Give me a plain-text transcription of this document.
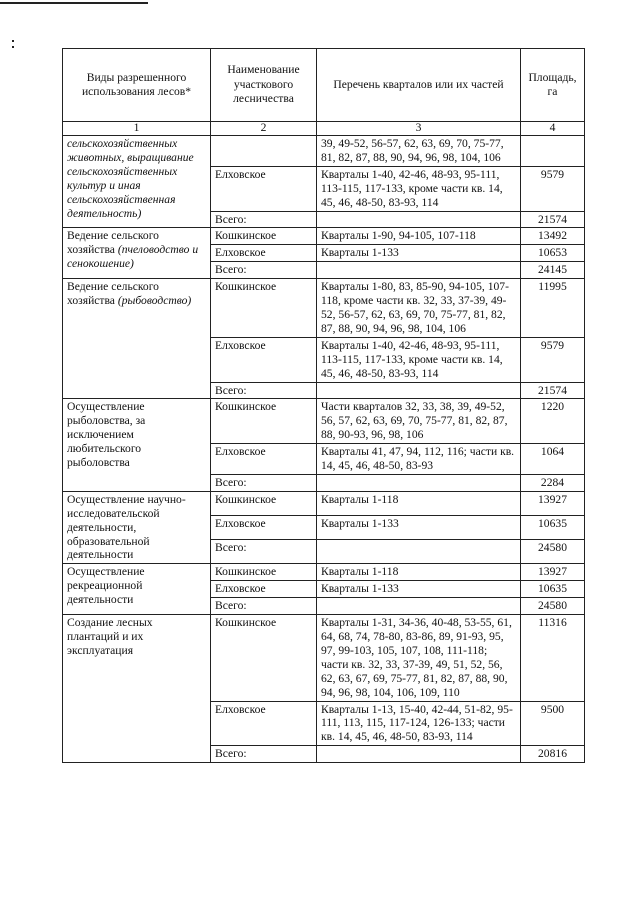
Виды разрешенного использования лесов*	Наименование участкового лесничества	Перечень кварталов или их частей	Площадь, га
1	2	3	4
сельскохозяйственных животных, выращивание сельскохозяйственных культур и иная сельскохозяйственная деятельность)		39, 49-52, 56-57, 62, 63, 69, 70, 75-77, 81, 82, 87, 88, 90, 94, 96, 98, 104, 106	
	Елховское	Кварталы 1-40, 42-46, 48-93, 95-111, 113-115, 117-133, кроме части кв. 14, 45, 46, 48-50, 83-93, 114	9579
	Всего:		21574
Ведение сельского хозяйства (пчеловодство и сенокошение)	Кошкинское	Кварталы 1-90, 94-105, 107-118	13492
	Елховское	Кварталы 1-133	10653
	Всего:		24145
Ведение сельского хозяйства (рыбоводство)	Кошкинское	Кварталы 1-80, 83, 85-90, 94-105, 107-118, кроме части кв. 32, 33, 37-39, 49-52, 56-57, 62, 63, 69, 70, 75-77, 81, 82, 87, 88, 90, 94, 96, 98, 104, 106	11995
	Елховское	Кварталы 1-40, 42-46, 48-93, 95-111, 113-115, 117-133, кроме части кв. 14, 45, 46, 48-50, 83-93, 114	9579
	Всего:		21574
Осуществление рыболовства, за исключением любительского рыболовства	Кошкинское	Части кварталов 32, 33, 38, 39, 49-52, 56, 57, 62, 63, 69, 70, 75-77, 81, 82, 87, 88, 90-93, 96, 98, 106	1220
	Елховское	Кварталы 41, 47, 94, 112, 116; части кв. 14, 45, 46, 48-50, 83-93	1064
	Всего:		2284
Осуществление научно-исследовательской деятельности, образовательной деятельности	Кошкинское	Кварталы 1-118	13927
	Елховское	Кварталы 1-133	10635
	Всего:		24580
Осуществление рекреационной деятельности	Кошкинское	Кварталы 1-118	13927
	Елховское	Кварталы 1-133	10635
	Всего:		24580
Создание лесных плантаций и их эксплуатация	Кошкинское	Кварталы 1-31, 34-36, 40-48, 53-55, 61, 64, 68, 74, 78-80, 83-86, 89, 91-93, 95, 97, 99-103, 105, 107, 108, 111-118; части кв. 32, 33, 37-39, 49, 51, 52, 56, 62, 63, 67, 69, 75-77, 81, 82, 87, 88, 90, 94, 96, 98, 104, 106, 109, 110	11316
	Елховское	Кварталы 1-13, 15-40, 42-44, 51-82, 95-111, 113, 115, 117-124, 126-133; части кв. 14, 45, 46, 48-50, 83-93, 114	9500
	Всего:		20816
